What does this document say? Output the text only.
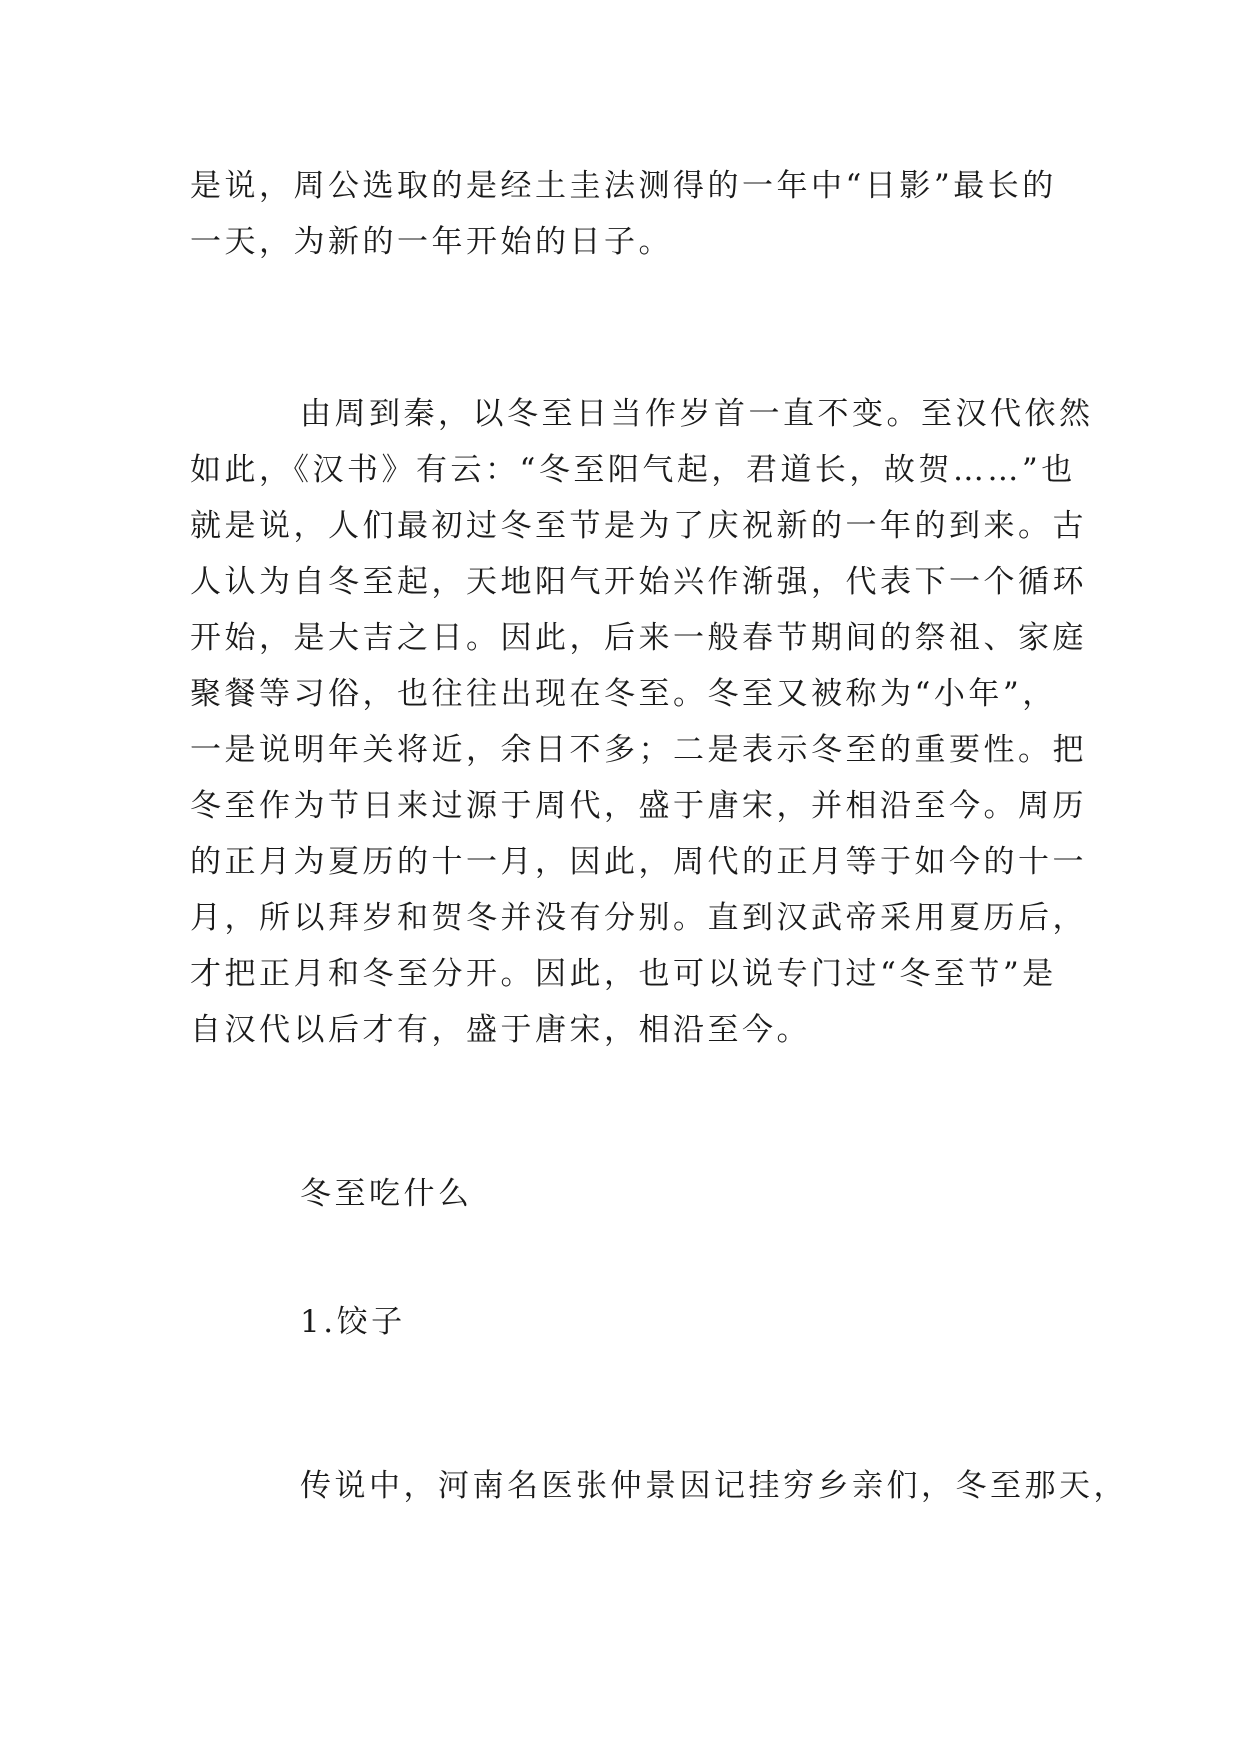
是说，周公选取的是经土圭法测得的一年中“日影”最长的
一天，为新的一年开始的日子。
由周到秦，以冬至日当作岁首一直不变。至汉代依然
如此，《汉书》有云：“冬至阳气起，君道长，故贺……”也
就是说，人们最初过冬至节是为了庆祝新的一年的到来。古
人认为自冬至起，天地阳气开始兴作渐强，代表下一个循环
开始，是大吉之日。因此，后来一般春节期间的祭祖、家庭
聚餐等习俗，也往往出现在冬至。冬至又被称为“小年”，
一是说明年关将近，余日不多；二是表示冬至的重要性。把
冬至作为节日来过源于周代，盛于唐宋，并相沿至今。周历
的正月为夏历的十一月，因此，周代的正月等于如今的十一
月，所以拜岁和贺冬并没有分别。直到汉武帝采用夏历后，
才把正月和冬至分开。因此，也可以说专门过“冬至节”是
自汉代以后才有，盛于唐宋，相沿至今。
冬至吃什么
1.饺子
传说中，河南名医张仲景因记挂穷乡亲们，冬至那天，
